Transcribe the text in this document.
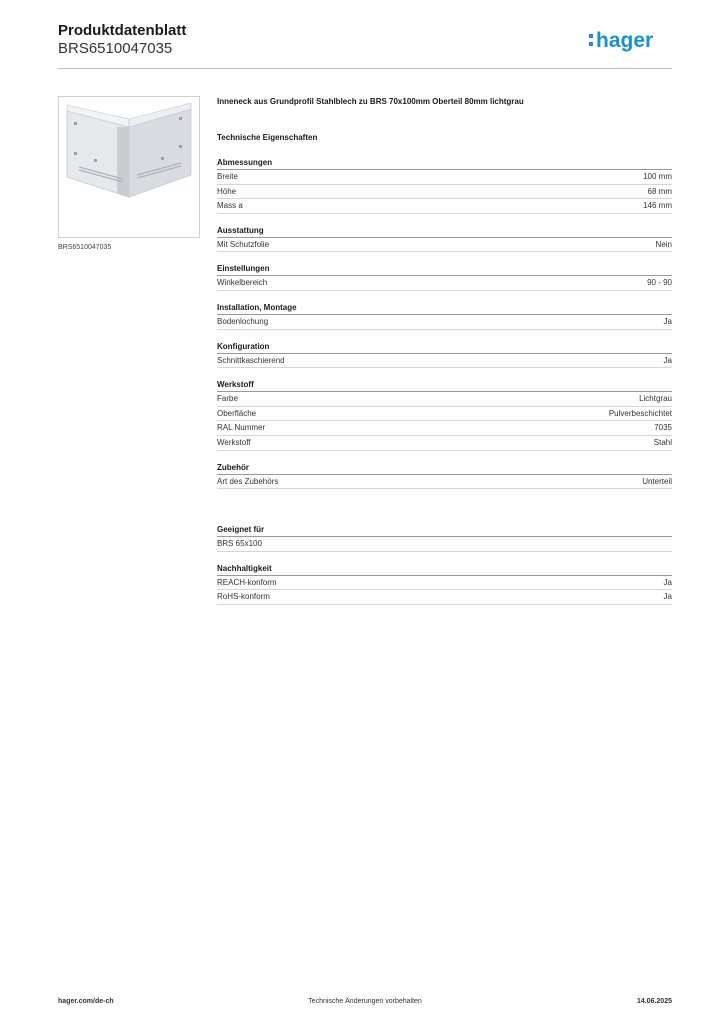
Produktdatenblatt
BRS6510047035	hager
BRS6510047035
Inneneck aus Grundprofil Stahlblech zu BRS 70x100mm Oberteil 80mm lichtgrau
Technische Eigenschaften
Abmessungen
Breite	100 mm
Höhe	68 mm
Mass a	146 mm
Ausstattung
Mit Schutzfolie	Nein
Einstellungen
Winkelbereich	90 - 90
Installation, Montage
Bodenlochung	Ja
Konfiguration
Schnittkaschierend	Ja
Werkstoff
Farbe	Lichtgrau
Oberfläche	Pulverbeschichtet
RAL Nummer	7035
Werkstoff	Stahl
Zubehör
Art des Zubehörs	Unterteil
Geeignet für
BRS 65x100
Nachhaltigkeit
REACH-konform	Ja
RoHS-konform	Ja
hager.com/de-ch	Technische Änderungen vorbehalten	14.06.2025
